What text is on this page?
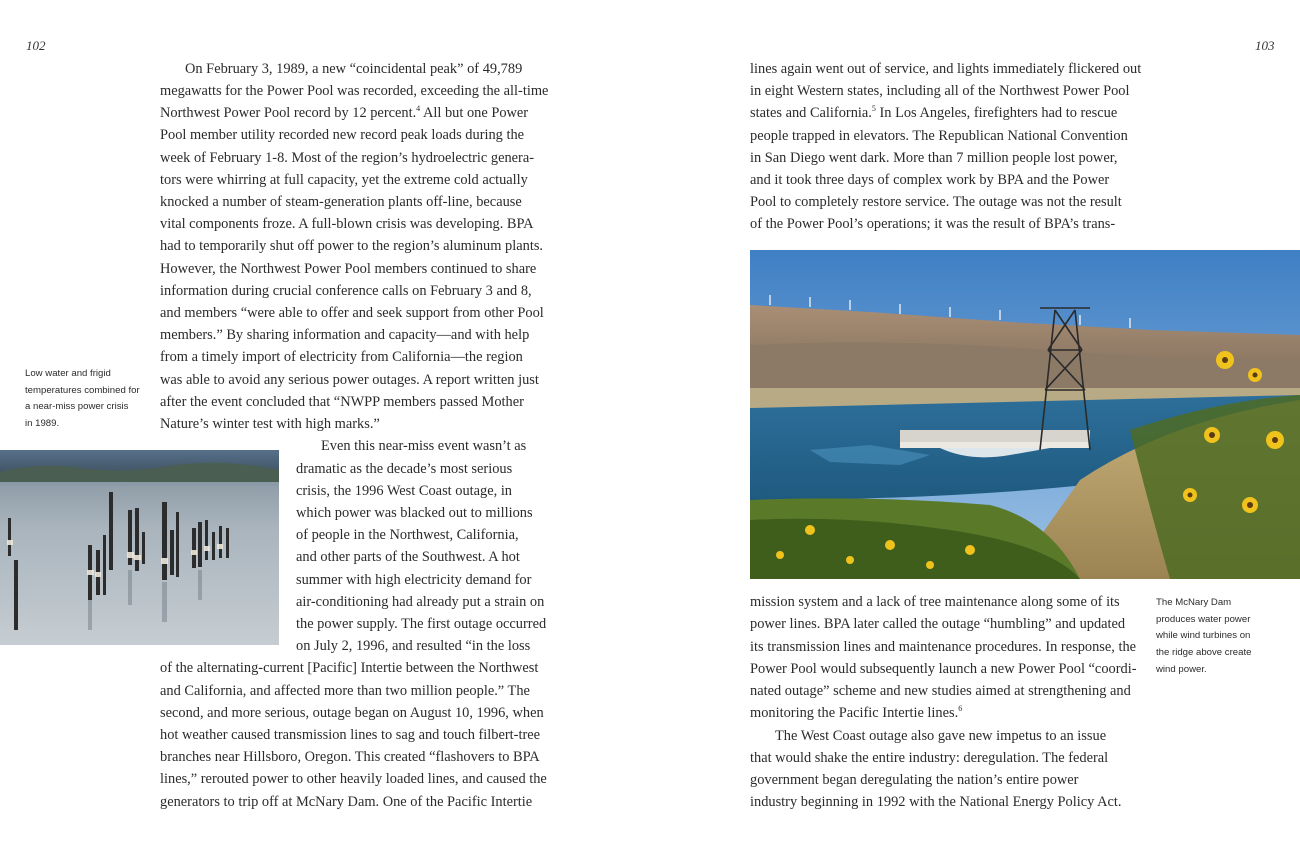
102	103
On February 3, 1989, a new “coincidental peak” of 49,789
megawatts for the Power Pool was recorded, exceeding the all-time
Northwest Power Pool record by 12 percent.$^4$ All but one Power
Pool member utility recorded new record peak loads during the
week of February 1-8. Most of the region’s hydroelectric genera-
tors were whirring at full capacity, yet the extreme cold actually
knocked a number of steam-generation plants off-line, because
vital components froze. A full-blown crisis was developing. BPA
had to temporarily shut off power to the region’s aluminum plants.
However, the Northwest Power Pool members continued to share
information during crucial conference calls on February 3 and 8,
and members “were able to offer and seek support from other Pool
members.” By sharing information and capacity—and with help
from a timely import of electricity from California—the region
was able to avoid any serious power outages. A report written just
after the event concluded that “NWPP members passed Mother
Nature’s winter test with high marks.”
Even this near-miss event wasn’t as
dramatic as the decade’s most serious
crisis, the 1996 West Coast outage, in
which power was blacked out to millions
of people in the Northwest, California,
and other parts of the Southwest. A hot
summer with high electricity demand for
air-conditioning had already put a strain on
the power supply. The first outage occurred
on July 2, 1996, and resulted “in the loss
of the alternating-current [Pacific] Intertie between the Northwest
and California, and affected more than two million people.” The
second, and more serious, outage began on August 10, 1996, when
hot weather caused transmission lines to sag and touch filbert-tree
branches near Hillsboro, Oregon. This created “flashovers to BPA
lines,” rerouted power to other heavily loaded lines, and caused the
generators to trip off at McNary Dam. One of the Pacific Intertie
Low water and frigid
temperatures combined for
a near-miss power crisis
in 1989.
lines again went out of service, and lights immediately flickered out
in eight Western states, including all of the Northwest Power Pool
states and California.$^5$ In Los Angeles, firefighters had to rescue
people trapped in elevators. The Republican National Convention
in San Diego went dark. More than 7 million people lost power,
and it took three days of complex work by BPA and the Power
Pool to completely restore service. The outage was not the result
of the Power Pool’s operations; it was the result of BPA’s trans-
mission system and a lack of tree maintenance along some of its
power lines. BPA later called the outage “humbling” and updated
its transmission lines and maintenance procedures. In response, the
Power Pool would subsequently launch a new Power Pool “coordi-
nated outage” scheme and new studies aimed at strengthening and
monitoring the Pacific Intertie lines.$^6$
The West Coast outage also gave new impetus to an issue
that would shake the entire industry: deregulation. The federal
government began deregulating the nation’s entire power
industry beginning in 1992 with the National Energy Policy Act.
The McNary Dam
produces water power
while wind turbines on
the ridge above create
wind power.
